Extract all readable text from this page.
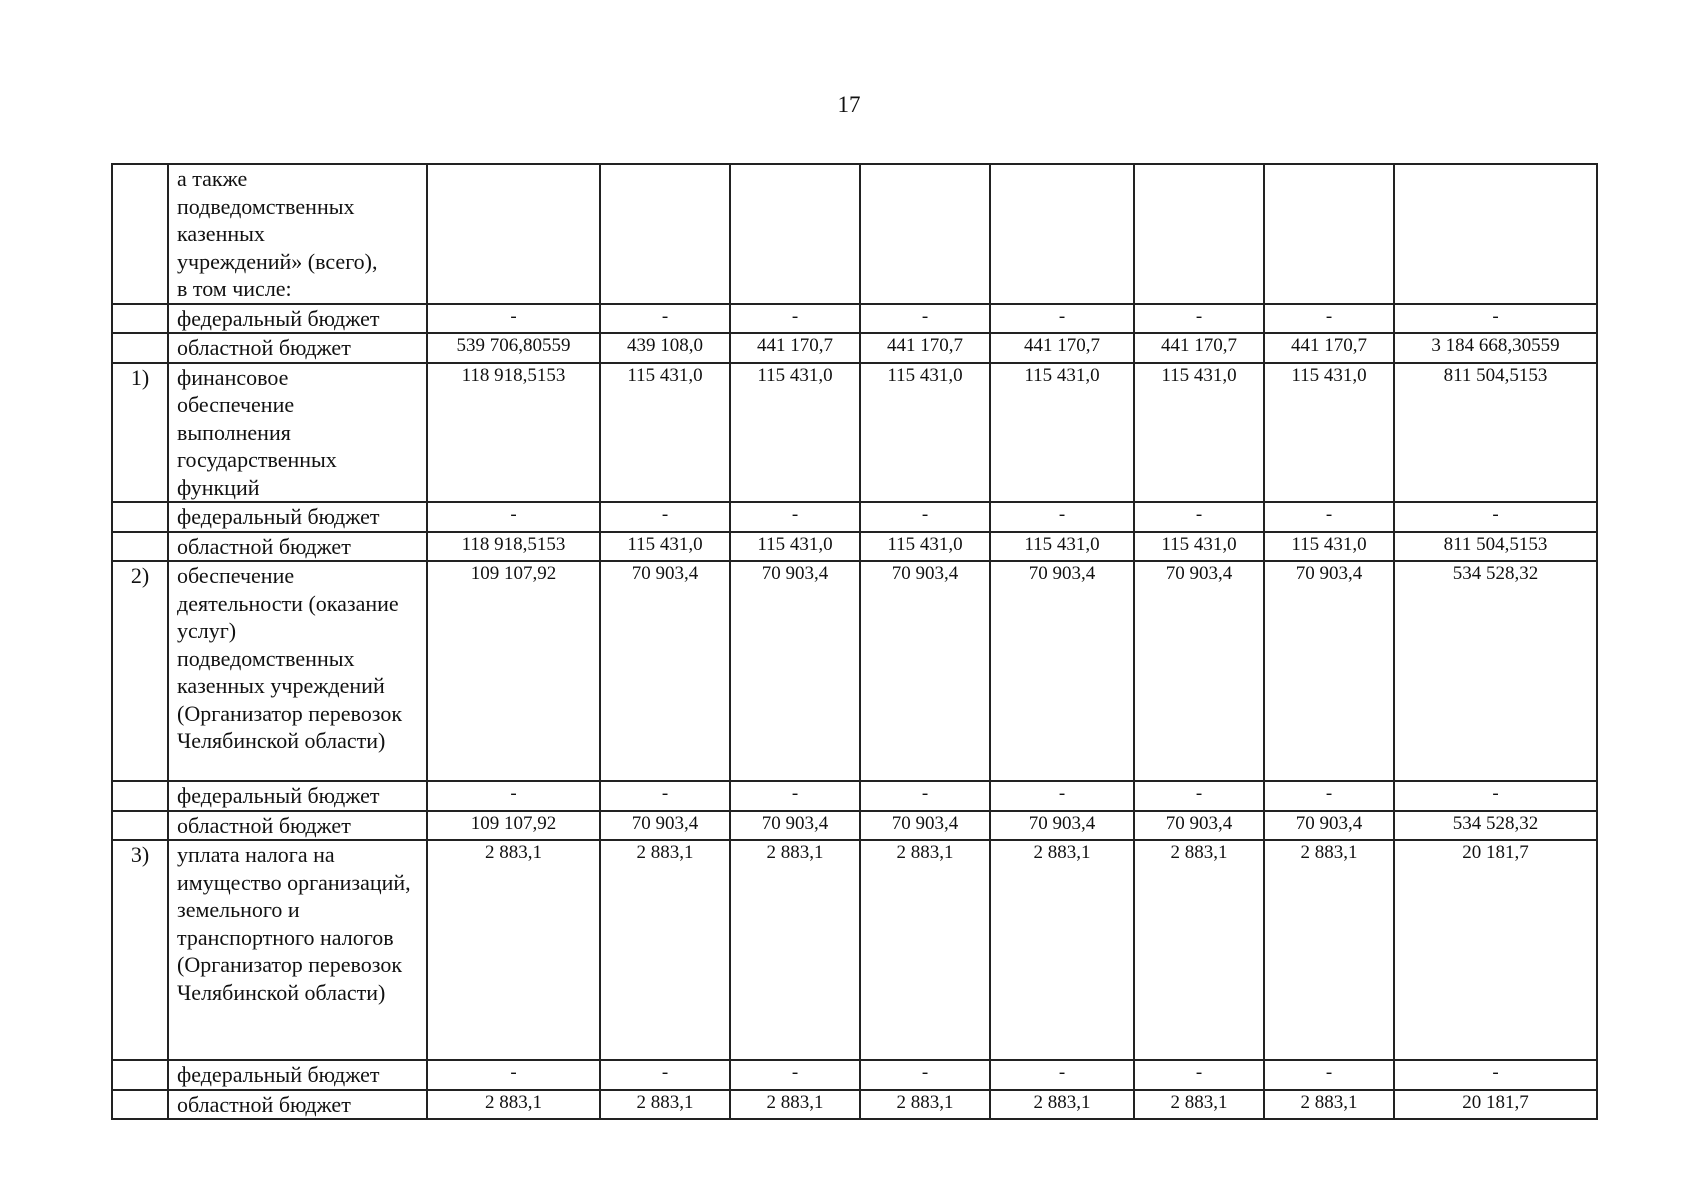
17

	а также подведомственных казенных учреждений» (всего), в том числе:								

	федеральный бюджет	-	-	-	-	-	-	-	-

	областной бюджет	539 706,80559	439 108,0	441 170,7	441 170,7	441 170,7	441 170,7	441 170,7	3 184 668,30559
1)	финансовое обеспечение выполнения государственных функций	118 918,5153	115 431,0	115 431,0	115 431,0	115 431,0	115 431,0	115 431,0	811 504,5153

	федеральный бюджет	-	-	-	-	-	-	-	-

	областной бюджет	118 918,5153	115 431,0	115 431,0	115 431,0	115 431,0	115 431,0	115 431,0	811 504,5153
2)	обеспечение деятельности (оказание услуг) подведомственных казенных учреждений (Организатор перевозок Челябинской области)	109 107,92	70 903,4	70 903,4	70 903,4	70 903,4	70 903,4	70 903,4	534 528,32

	федеральный бюджет	-	-	-	-	-	-	-	-

	областной бюджет	109 107,92	70 903,4	70 903,4	70 903,4	70 903,4	70 903,4	70 903,4	534 528,32
3)	уплата налога на имущество организаций, земельного и транспортного налогов (Организатор перевозок Челябинской области)	2 883,1	2 883,1	2 883,1	2 883,1	2 883,1	2 883,1	2 883,1	20 181,7

	федеральный бюджет	-	-	-	-	-	-	-	-

	областной бюджет	2 883,1	2 883,1	2 883,1	2 883,1	2 883,1	2 883,1	2 883,1	20 181,7
